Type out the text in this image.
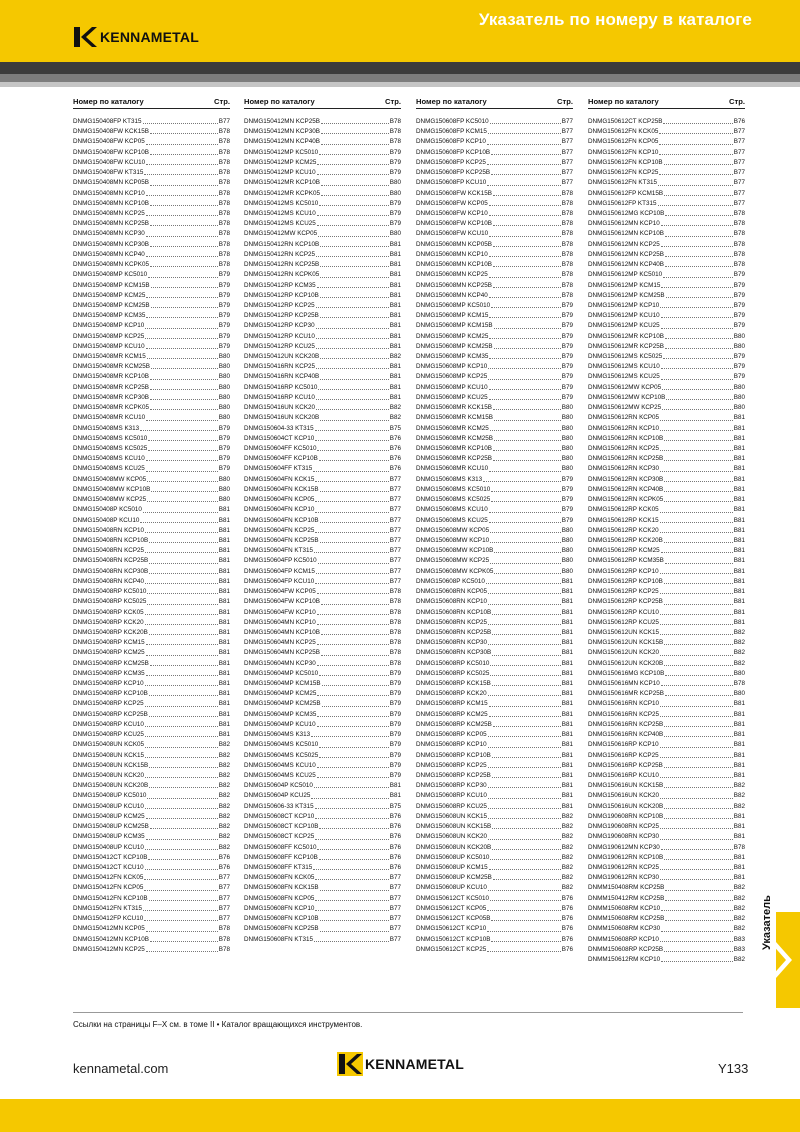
KENNAMETAL
Указатель по номеру в каталоге
Номер по каталогу	Стр.
DNMG150408FP KT315	B77
DNMG150408FW KCK15B	B78
DNMG150408FW KCP05	B78
DNMG150408FW KCP10B	B78
DNMG150408FW KCU10	B78
DNMG150408FW KT315	B78
DNMG150408MN KCP05B	B78
DNMG150408MN KCP10	B78
DNMG150408MN KCP10B	B78
DNMG150408MN KCP25	B78
DNMG150408MN KCP25B	B78
DNMG150408MN KCP30	B78
DNMG150408MN KCP30B	B78
DNMG150408MN KCP40	B78
DNMG150408MN KCPK05	B78
DNMG150408MP KC5010	B79
DNMG150408MP KCM15B	B79
DNMG150408MP KCM25	B79
DNMG150408MP KCM25B	B79
DNMG150408MP KCM35	B79
DNMG150408MP KCP10	B79
DNMG150408MP KCP25	B79
DNMG150408MP KCU10	B79
DNMG150408MR KCM15	B80
DNMG150408MR KCM25B	B80
DNMG150408MR KCP10B	B80
DNMG150408MR KCP25B	B80
DNMG150408MR KCP30B	B80
DNMG150408MR KCPK05	B80
DNMG150408MR KCU10	B80
DNMG150408MS K313	B79
DNMG150408MS KC5010	B79
DNMG150408MS KC5025	B79
DNMG150408MS KCU10	B79
DNMG150408MS KCU25	B79
DNMG150408MW KCP05	B80
DNMG150408MW KCP10B	B80
DNMG150408MW KCP25	B80
DNMG150408P KC5010	B81
DNMG150408P KCU10	B81
DNMG150408RN KCP10	B81
DNMG150408RN KCP10B	B81
DNMG150408RN KCP25	B81
DNMG150408RN KCP25B	B81
DNMG150408RN KCP30B	B81
DNMG150408RN KCP40	B81
DNMG150408RP KC5010	B81
DNMG150408RP KC5025	B81
DNMG150408RP KCK05	B81
DNMG150408RP KCK20	B81
DNMG150408RP KCK20B	B81
DNMG150408RP KCM15	B81
DNMG150408RP KCM25	B81
DNMG150408RP KCM25B	B81
DNMG150408RP KCM35	B81
DNMG150408RP KCP10	B81
DNMG150408RP KCP10B	B81
DNMG150408RP KCP25	B81
DNMG150408RP KCP25B	B81
DNMG150408RP KCU10	B81
DNMG150408RP KCU25	B81
DNMG150408UN KCK05	B82
DNMG150408UN KCK15	B82
DNMG150408UN KCK15B	B82
DNMG150408UN KCK20	B82
DNMG150408UN KCK20B	B82
DNMG150408UP KC5010	B82
DNMG150408UP KCU10	B82
DNMG150408UP KCM25	B82
DNMG150408UP KCM25B	B82
DNMG150408UP KCM35	B82
DNMG150408UP KCU10	B82
DNMG150412CT KCP10B	B76
DNMG150412CT KCU10	B76
DNMG150412FN KCK05	B77
DNMG150412FN KCP05	B77
DNMG150412FN KCP10B	B77
DNMG150412FN KT315	B77
DNMG150412FP KCU10	B77
DNMG150412MN KCP05	B78
DNMG150412MN KCP10B	B78
DNMG150412MN KCP25	B78
Номер по каталогу	Стр.
DNMG150412MN KCP25B	B78
DNMG150412MN KCP30B	B78
DNMG150412MN KCP40B	B78
DNMG150412MP KC5010	B79
DNMG150412MP KCM25	B79
DNMG150412MP KCU10	B79
DNMG150412MR KCP10B	B80
DNMG150412MR KCPK05	B80
DNMG150412MS KC5010	B79
DNMG150412MS KCU10	B79
DNMG150412MS KCU25	B79
DNMG150412MW KCP05	B80
DNMG150412RN KCP10B	B81
DNMG150412RN KCP25	B81
DNMG150412RN KCP25B	B81
DNMG150412RN KCPK05	B81
DNMG150412RP KCM35	B81
DNMG150412RP KCP10B	B81
DNMG150412RP KCP25	B81
DNMG150412RP KCP25B	B81
DNMG150412RP KCP30	B81
DNMG150412RP KCU10	B81
DNMG150412RP KCU25	B81
DNMG150412UN KCK20B	B82
DNMG150416RN KCP25	B81
DNMG150416RN KCP40B	B81
DNMG150416RP KC5010	B81
DNMG150416RP KCU10	B81
DNMG150416UN KCK20	B82
DNMG150416UN KCK20B	B82
DNMG150604-33 KT315	B75
DNMG150604CT KCP10	B76
DNMG150604FF KC5010	B76
DNMG150604FF KCP10B	B76
DNMG150604FF KT315	B76
DNMG150604FN KCK15	B77
DNMG150604FN KCK15B	B77
DNMG150604FN KCP05	B77
DNMG150604FN KCP10	B77
DNMG150604FN KCP10B	B77
DNMG150604FN KCP25	B77
DNMG150604FN KCP25B	B77
DNMG150604FN KT315	B77
DNMG150604FP KC5010	B77
DNMG150604FP KCM15	B77
DNMG150604FP KCU10	B77
DNMG150604FW KCP05	B78
DNMG150604FW KCP10B	B78
DNMG150604FW KCP10	B78
DNMG150604MN KCP10	B78
DNMG150604MN KCP10B	B78
DNMG150604MN KCP25	B78
DNMG150604MN KCP25B	B78
DNMG150604MN KCP30	B78
DNMG150604MP KC5010	B79
DNMG150604MP KCM15B	B79
DNMG150604MP KCM25	B79
DNMG150604MP KCM25B	B79
DNMG150604MP KCM35	B79
DNMG150604MP KCU10	B79
DNMG150604MS K313	B79
DNMG150604MS KC5010	B79
DNMG150604MS KC5025	B79
DNMG150604MS KCU10	B79
DNMG150604MS KCU25	B79
DNMG150604P KC5010	B81
DNMG150604P KCU25	B81
DNMG150606-33 KT315	B75
DNMG150608CT KCP10	B76
DNMG150608CT KCP10B	B76
DNMG150608CT KCP25	B76
DNMG150608FF KC5010	B76
DNMG150608FF KCP10B	B76
DNMG150608FF KT315	B76
DNMG150608FN KCK05	B77
DNMG150608FN KCK15B	B77
DNMG150608FN KCP05	B77
DNMG150608FN KCP10	B77
DNMG150608FN KCP10B	B77
DNMG150608FN KCP25B	B77
DNMG150608FN KT315	B77
Номер по каталогу	Стр.
DNMG150608FP KC5010	B77
DNMG150608FP KCM15	B77
DNMG150608FP KCP10	B77
DNMG150608FP KCP10B	B77
DNMG150608FP KCP25	B77
DNMG150608FP KCP25B	B77
DNMG150608FP KCU10	B77
DNMG150608FW KCK15B	B78
DNMG150608FW KCP05	B78
DNMG150608FW KCP10	B78
DNMG150608FW KCP10B	B78
DNMG150608FW KCU10	B78
DNMG150608MN KCP05B	B78
DNMG150608MN KCP10	B78
DNMG150608MN KCP10B	B78
DNMG150608MN KCP25	B78
DNMG150608MN KCP25B	B78
DNMG150608MN KCP40	B78
DNMG150608MP KC5010	B79
DNMG150608MP KCM15	B79
DNMG150608MP KCM15B	B79
DNMG150608MP KCM25	B79
DNMG150608MP KCM25B	B79
DNMG150608MP KCM35	B79
DNMG150608MP KCP10	B79
DNMG150608MP KCP25	B79
DNMG150608MP KCU10	B79
DNMG150608MP KCU25	B79
DNMG150608MR KCK15B	B80
DNMG150608MR KCM15B	B80
DNMG150608MR KCM25	B80
DNMG150608MR KCM25B	B80
DNMG150608MR KCP10B	B80
DNMG150608MR KCP25B	B80
DNMG150608MR KCU10	B80
DNMG150608MS K313	B79
DNMG150608MS KC5010	B79
DNMG150608MS KC5025	B79
DNMG150608MS KCU10	B79
DNMG150608MS KCU25	B79
DNMG150608MW KCP05	B80
DNMG150608MW KCP10	B80
DNMG150608MW KCP10B	B80
DNMG150608MW KCP25	B80
DNMG150608MW KCPK05	B80
DNMG150608P KC5010	B81
DNMG150608RN KCP05	B81
DNMG150608RN KCP10	B81
DNMG150608RN KCP10B	B81
DNMG150608RN KCP25	B81
DNMG150608RN KCP25B	B81
DNMG150608RN KCP30	B81
DNMG150608RN KCP30B	B81
DNMG150608RP KC5010	B81
DNMG150608RP KC5025	B81
DNMG150608RP KCK15B	B81
DNMG150608RP KCK20	B81
DNMG150608RP KCM15	B81
DNMG150608RP KCM25	B81
DNMG150608RP KCM25B	B81
DNMG150608RP KCP05	B81
DNMG150608RP KCP10	B81
DNMG150608RP KCP10B	B81
DNMG150608RP KCP25	B81
DNMG150608RP KCP25B	B81
DNMG150608RP KCP30	B81
DNMG150608RP KCU10	B81
DNMG150608RP KCU25	B81
DNMG150608UN KCK15	B82
DNMG150608UN KCK15B	B82
DNMG150608UN KCK20	B82
DNMG150608UN KCK20B	B82
DNMG150608UP KC5010	B82
DNMG150608UP KCM15	B82
DNMG150608UP KCM25B	B82
DNMG150608UP KCU10	B82
DNMG150612CT KC5010	B76
DNMG150612CT KCP05	B76
DNMG150612CT KCP05B	B76
DNMG150612CT KCP10	B76
DNMG150612CT KCP10B	B76
DNMG150612CT KCP25	B76
Номер по каталогу	Стр.
DNMG150612CT KCP25B	B76
DNMG150612FN KCK05	B77
DNMG150612FN KCP05	B77
DNMG150612FN KCP10	B77
DNMG150612FN KCP10B	B77
DNMG150612FN KCP25	B77
DNMG150612FN KT315	B77
DNMG150612FP KCM15B	B77
DNMG150612FP KT315	B77
DNMG150612MG KCP10B	B78
DNMG150612MN KCP10	B78
DNMG150612MN KCP10B	B78
DNMG150612MN KCP25	B78
DNMG150612MN KCP25B	B78
DNMG150612MN KCP40B	B78
DNMG150612MP KC5010	B79
DNMG150612MP KCM15	B79
DNMG150612MP KCM25B	B79
DNMG150612MP KCP10	B79
DNMG150612MP KCU10	B79
DNMG150612MP KCU25	B79
DNMG150612MR KCP10B	B80
DNMG150612MR KCP25B	B80
DNMG150612MS KC5025	B79
DNMG150612MS KCU10	B79
DNMG150612MS KCU25	B79
DNMG150612MW KCP05	B80
DNMG150612MW KCP10B	B80
DNMG150612MW KCP25	B80
DNMG150612RN KCP05	B81
DNMG150612RN KCP10	B81
DNMG150612RN KCP10B	B81
DNMG150612RN KCP25	B81
DNMG150612RN KCP25B	B81
DNMG150612RN KCP30	B81
DNMG150612RN KCP30B	B81
DNMG150612RN KCP40B	B81
DNMG150612RN KCPK05	B81
DNMG150612RP KCK05	B81
DNMG150612RP KCK15	B81
DNMG150612RP KCK20	B81
DNMG150612RP KCK20B	B81
DNMG150612RP KCM25	B81
DNMG150612RP KCM35B	B81
DNMG150612RP KCP10	B81
DNMG150612RP KCP10B	B81
DNMG150612RP KCP25	B81
DNMG150612RP KCP25B	B81
DNMG150612RP KCU10	B81
DNMG150612RP KCU25	B81
DNMG150612UN KCK15	B82
DNMG150612UN KCK15B	B82
DNMG150612UN KCK20	B82
DNMG150612UN KCK20B	B82
DNMG150616MG KCP10B	B80
DNMG150616MN KCP10	B78
DNMG150616MR KCP25B	B80
DNMG150616RN KCP10	B81
DNMG150616RN KCP25	B81
DNMG150616RN KCP25B	B81
DNMG150616RN KCP40B	B81
DNMG150616RP KCP10	B81
DNMG150616RP KCP25	B81
DNMG150616RP KCP25B	B81
DNMG150616RP KCU10	B81
DNMG150616UN KCK15B	B82
DNMG150616UN KCK20	B82
DNMG150616UN KCK20B	B82
DNMG190608RN KCP10B	B81
DNMG190608RN KCP25	B81
DNMG190608RN KCP30	B81
DNMG190612MN KCP30	B78
DNMG190612RN KCP10B	B81
DNMG190612RN KCP25	B81
DNMG190612RN KCP30	B81
DNMM150408RM KCP25B	B82
DNMM150412RM KCP25B	B82
DNMM150608RM KCP10	B82
DNMM150608RM KCP25B	B82
DNMM150608RM KCP30	B82
DNMM150608RP KCP10	B83
DNMM150608RP KCP25B	B83
DNMM150612RM KCP10	B82
Указатель
Ссылки на страницы F–X см. в томе II • Каталог вращающихся инструментов.
kennametal.com	KENNAMETAL	Y133
